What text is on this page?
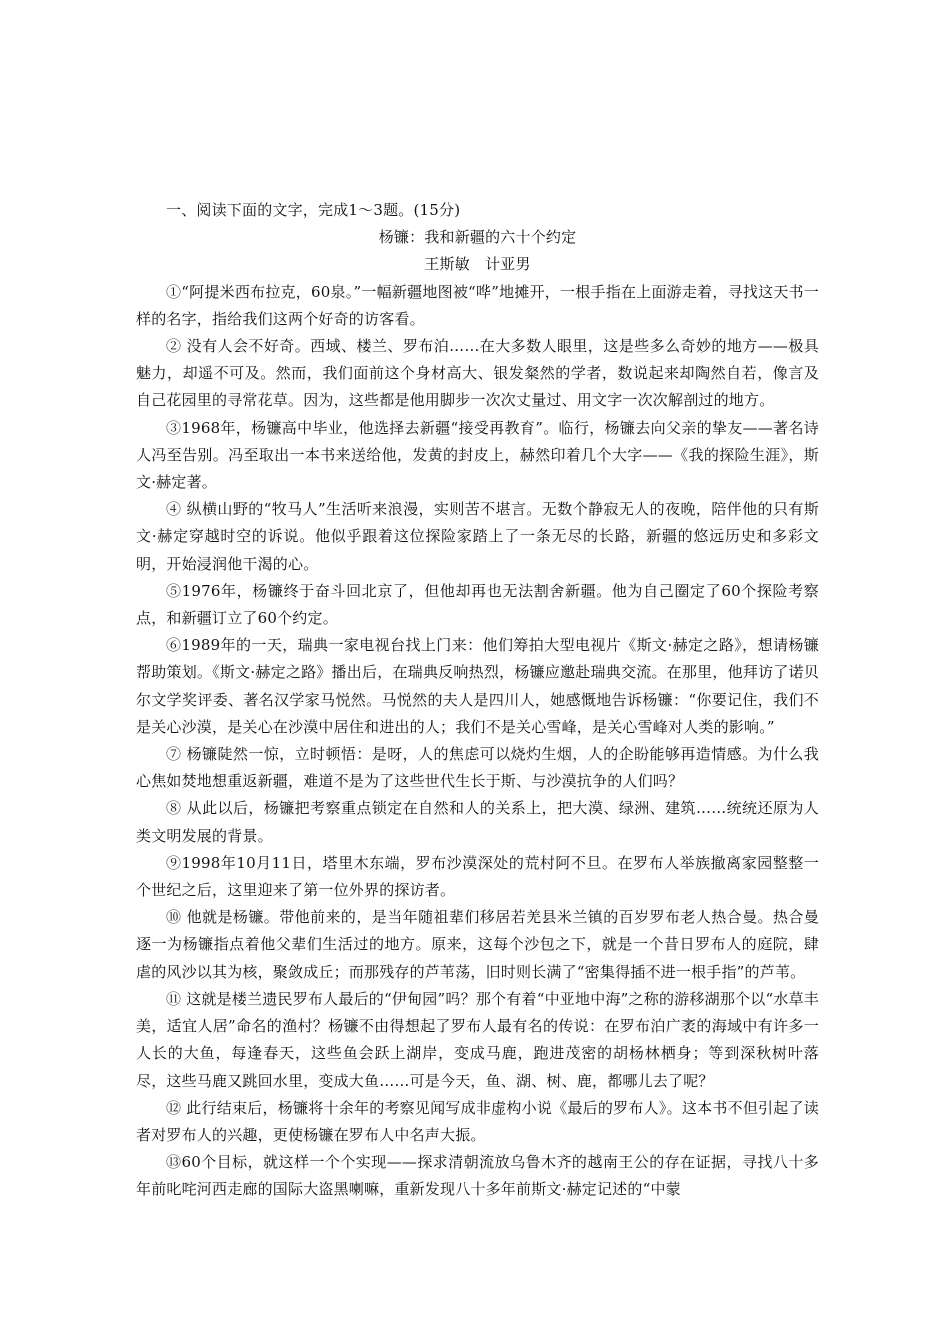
一、阅读下面的文字，完成1～3题。(15分)

杨镰：我和新疆的六十个约定

王斯敏　计亚男

①“阿提米西布拉克，60泉。”一幅新疆地图被“哗”地摊开，一根手指在上面游走着，寻找这天书一样的名字，指给我们这两个好奇的访客看。

② 没有人会不好奇。西域、楼兰、罗布泊……在大多数人眼里，这是些多么奇妙的地方——极具魅力，却遥不可及。然而，我们面前这个身材高大、银发粲然的学者，数说起来却陶然自若，像言及自己花园里的寻常花草。因为，这些都是他用脚步一次次丈量过、用文字一次次解剖过的地方。

③1968年，杨镰高中毕业，他选择去新疆“接受再教育”。临行，杨镰去向父亲的挚友——著名诗人冯至告别。冯至取出一本书来送给他，发黄的封皮上，赫然印着几个大字——《我的探险生涯》，斯文·赫定著。

④ 纵横山野的“牧马人”生活听来浪漫，实则苦不堪言。无数个静寂无人的夜晚，陪伴他的只有斯文·赫定穿越时空的诉说。他似乎跟着这位探险家踏上了一条无尽的长路，新疆的悠远历史和多彩文明，开始浸润他干渴的心。

⑤1976年，杨镰终于奋斗回北京了，但他却再也无法割舍新疆。他为自己圈定了60个探险考察点，和新疆订立了60个约定。

⑥1989年的一天，瑞典一家电视台找上门来：他们筹拍大型电视片《斯文·赫定之路》，想请杨镰帮助策划。《斯文·赫定之路》播出后，在瑞典反响热烈，杨镰应邀赴瑞典交流。在那里，他拜访了诺贝尔文学奖评委、著名汉学家马悦然。马悦然的夫人是四川人，她感慨地告诉杨镰：“你要记住，我们不是关心沙漠，是关心在沙漠中居住和进出的人；我们不是关心雪峰，是关心雪峰对人类的影响。”

⑦ 杨镰陡然一惊，立时顿悟：是呀，人的焦虑可以烧灼生烟，人的企盼能够再造情感。为什么我心焦如焚地想重返新疆，难道不是为了这些世代生长于斯、与沙漠抗争的人们吗？

⑧ 从此以后，杨镰把考察重点锁定在自然和人的关系上，把大漠、绿洲、建筑……统统还原为人类文明发展的背景。

⑨1998年10月11日，塔里木东端，罗布沙漠深处的荒村阿不旦。在罗布人举族撤离家园整整一个世纪之后，这里迎来了第一位外界的探访者。

⑩ 他就是杨镰。带他前来的，是当年随祖辈们移居若羌县米兰镇的百岁罗布老人热合曼。热合曼逐一为杨镰指点着他父辈们生活过的地方。原来，这每个沙包之下，就是一个昔日罗布人的庭院，肆虐的风沙以其为核，聚敛成丘；而那残存的芦苇荡，旧时则长满了“密集得插不进一根手指”的芦苇。

⑪ 这就是楼兰遗民罗布人最后的“伊甸园”吗？那个有着“中亚地中海”之称的游移湖那个以“水草丰美，适宜人居”命名的渔村？杨镰不由得想起了罗布人最有名的传说：在罗布泊广袤的海域中有许多一人长的大鱼，每逢春天，这些鱼会跃上湖岸，变成马鹿，跑进茂密的胡杨林栖身；等到深秋树叶落尽，这些马鹿又跳回水里，变成大鱼……可是今天，鱼、湖、树、鹿，都哪儿去了呢？

⑫ 此行结束后，杨镰将十余年的考察见闻写成非虚构小说《最后的罗布人》。这本书不但引起了读者对罗布人的兴趣，更使杨镰在罗布人中名声大振。

⑬60个目标，就这样一个个实现——探求清朝流放乌鲁木齐的越南王公的存在证据，寻找八十多年前叱咤河西走廊的国际大盗黑喇嘛，重新发现八十多年前斯文·赫定记述的“中蒙
